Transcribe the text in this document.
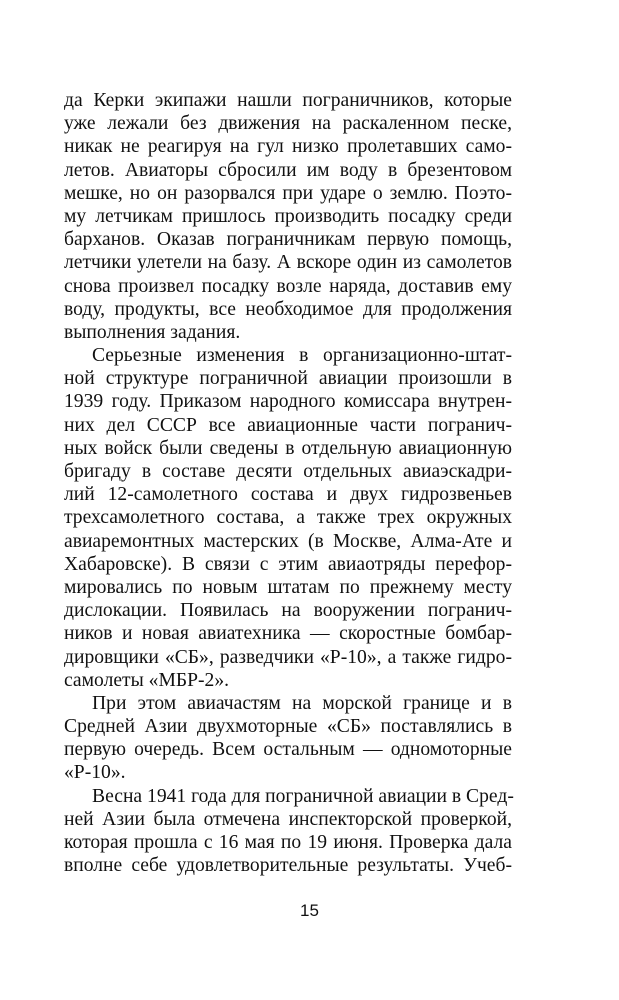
да Керки экипажи нашли пограничников, которые
уже лежали без движения на раскаленном песке,
никак не реагируя на гул низко пролетавших само-
летов. Авиаторы сбросили им воду в брезентовом
мешке, но он разорвался при ударе о землю. Поэто-
му летчикам пришлось производить посадку среди
барханов. Оказав пограничникам первую помощь,
летчики улетели на базу. А вскоре один из самолетов
снова произвел посадку возле наряда, доставив ему
воду, продукты, все необходимое для продолжения
выполнения задания.
Серьезные изменения в организационно-штат-
ной структуре пограничной авиации произошли в
1939 году. Приказом народного комиссара внутрен-
них дел СССР все авиационные части погранич-
ных войск были сведены в отдельную авиационную
бригаду в составе десяти отдельных авиаэскадри-
лий 12-самолетного состава и двух гидрозвеньев
трехсамолетного состава, а также трех окружных
авиаремонтных мастерских (в Москве, Алма-Ате и
Хабаровске). В связи с этим авиаотряды перефор-
мировались по новым штатам по прежнему месту
дислокации. Появилась на вооружении погранич-
ников и новая авиатехника — скоростные бомбар-
дировщики «СБ», разведчики «Р-10», а также гидро-
самолеты «МБР-2».
При этом авиачастям на морской границе и в
Средней Азии двухмоторные «СБ» поставлялись в
первую очередь. Всем остальным — одномоторные
«Р-10».
Весна 1941 года для пограничной авиации в Сред-
ней Азии была отмечена инспекторской проверкой,
которая прошла с 16 мая по 19 июня. Проверка дала
вполне себе удовлетворительные результаты. Учеб-
15
